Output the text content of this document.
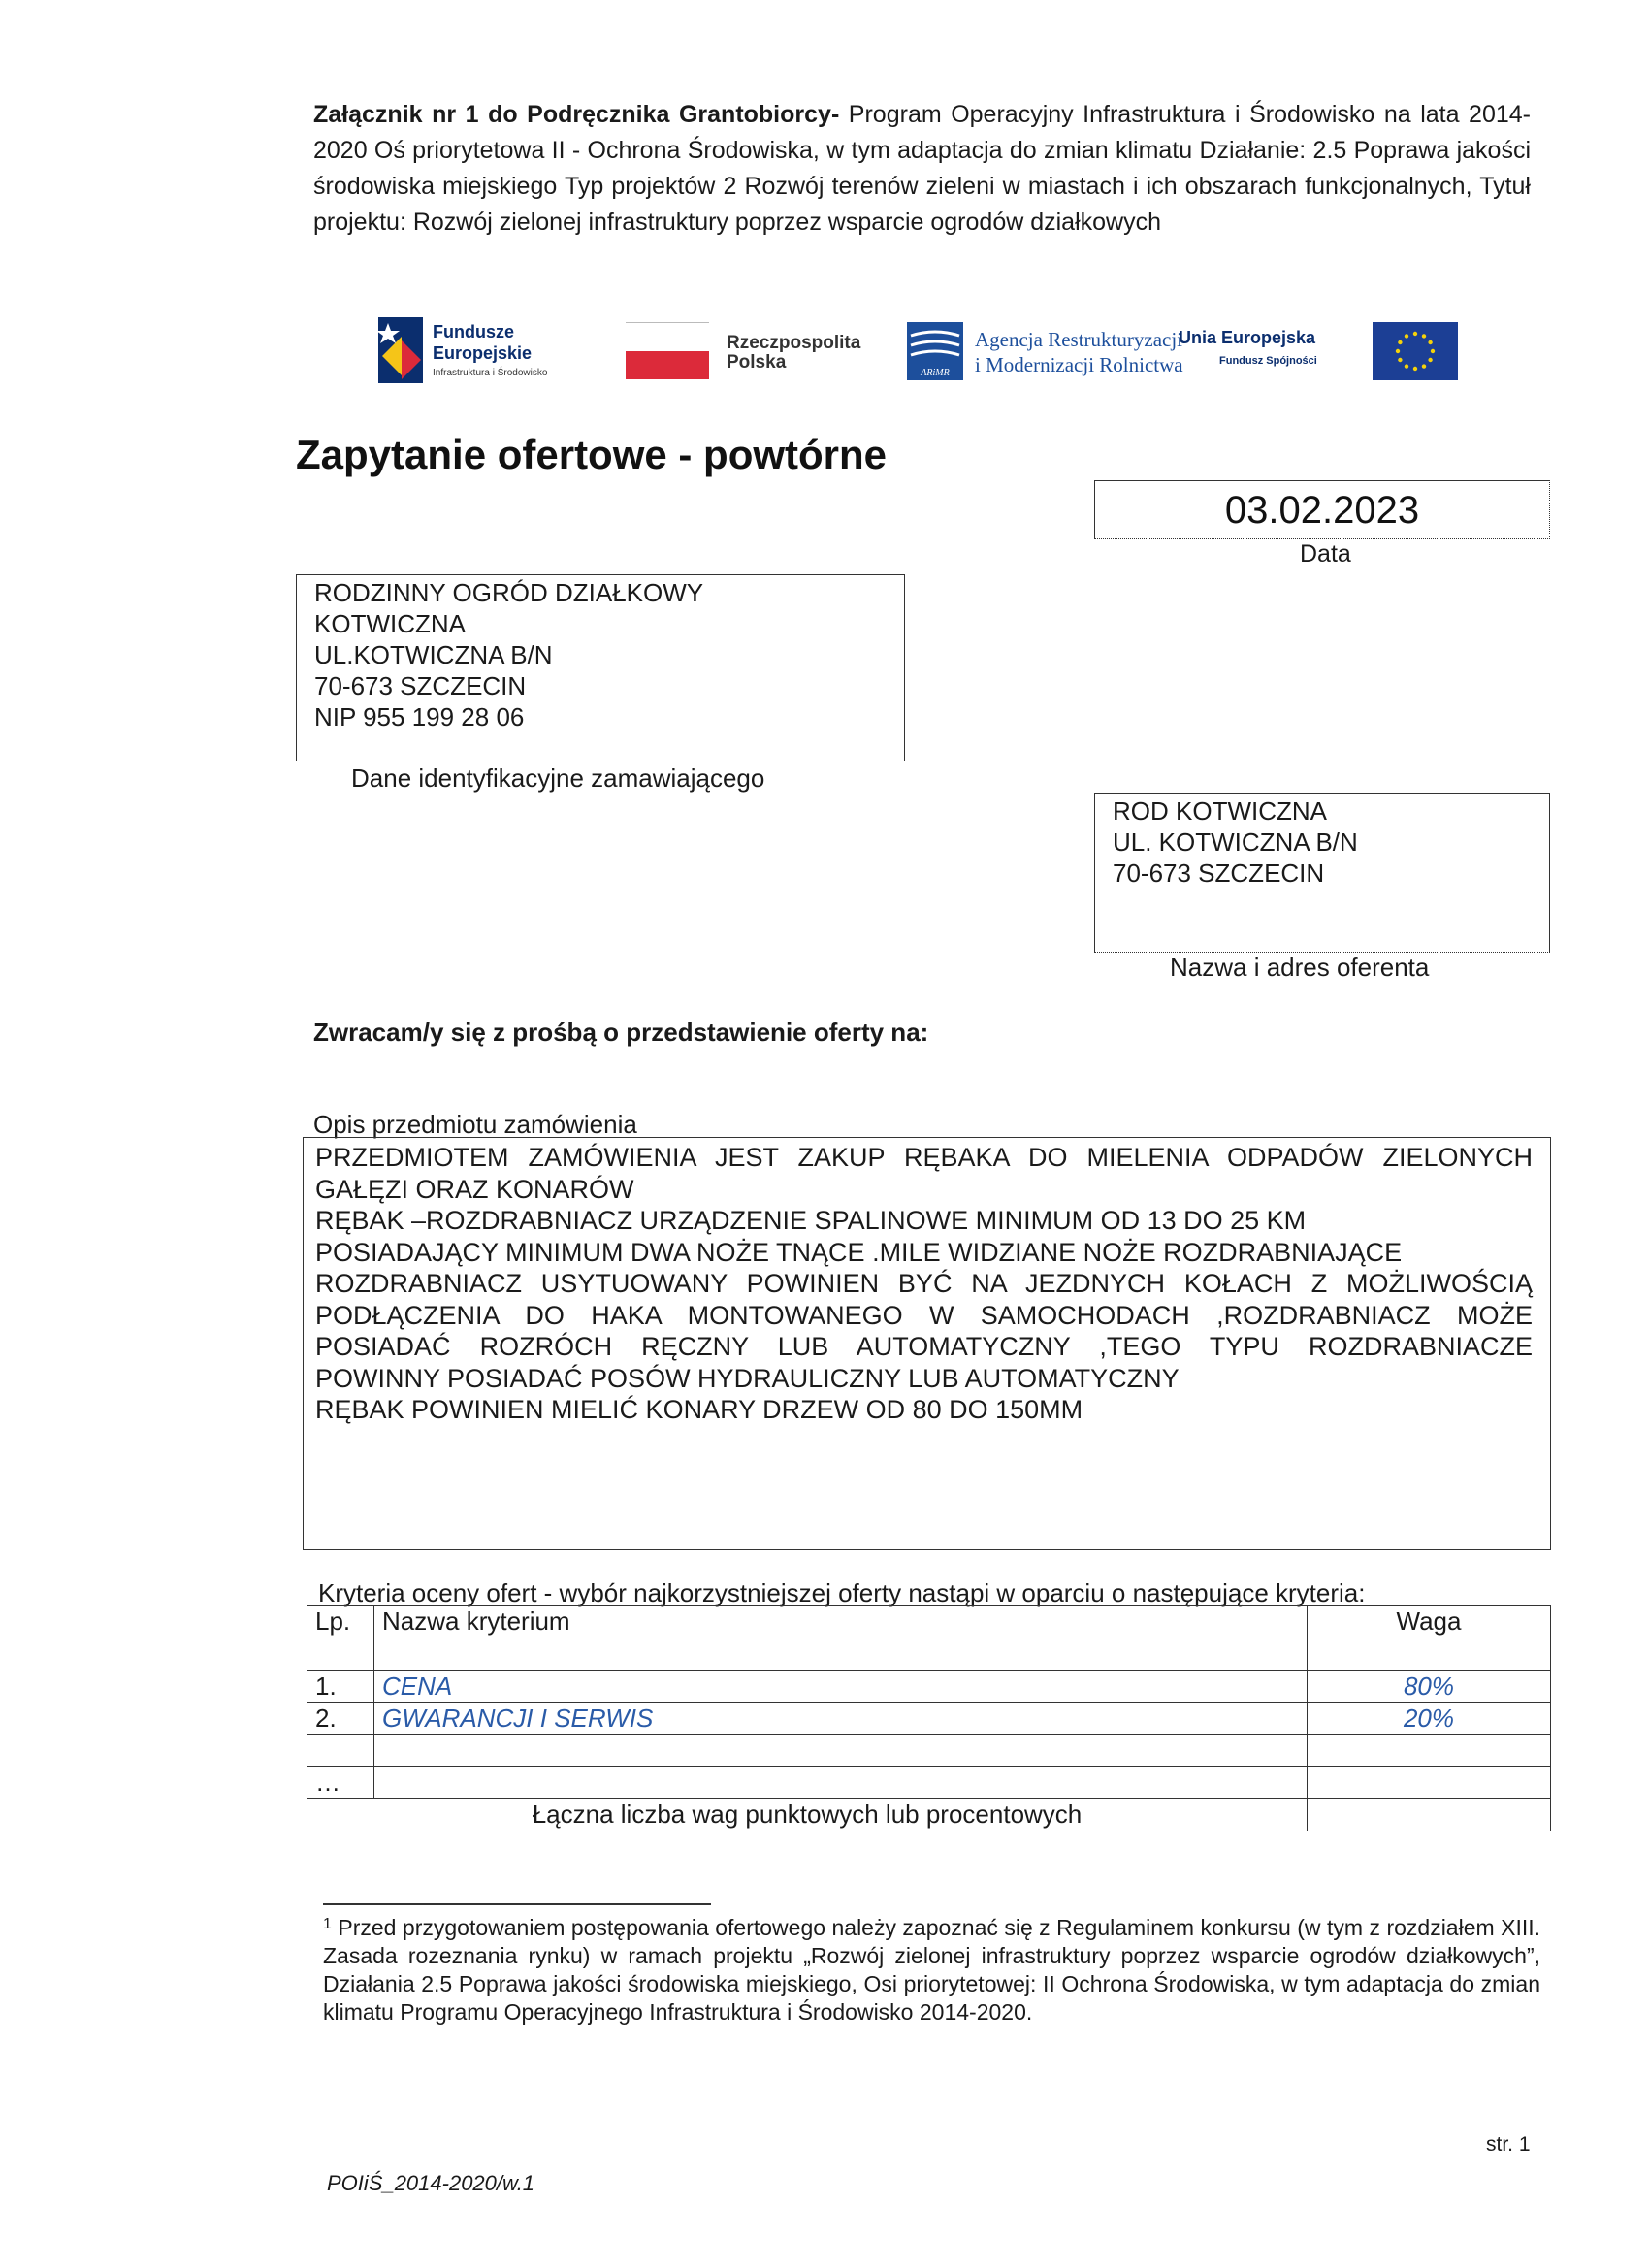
Załącznik nr 1 do Podręcznika Grantobiorcy- Program Operacyjny Infrastruktura i Środowisko na lata 2014-2020 Oś priorytetowa II - Ochrona Środowiska, w tym adaptacja do zmian klimatu Działanie: 2.5 Poprawa jakości środowiska miejskiego Typ projektów 2 Rozwój terenów zieleni w miastach i ich obszarach funkcjonalnych, Tytuł projektu: Rozwój zielonej infrastruktury poprzez wsparcie ogrodów działkowych
Fundusze
Europejskie
Infrastruktura i Środowisko
Rzeczpospolita
Polska
ARiMR
Agencja Restrukturyzacji
i Modernizacji Rolnictwa
Unia Europejska
Fundusz Spójności
Zapytanie ofertowe - powtórne
03.02.2023
Data
RODZINNY OGRÓD DZIAŁKOWY
KOTWICZNA
UL.KOTWICZNA B/N
70-673 SZCZECIN
NIP 955 199 28 06
Dane identyfikacyjne zamawiającego
ROD KOTWICZNA
UL. KOTWICZNA B/N
70-673 SZCZECIN
Nazwa i adres oferenta
Zwracam/y się z prośbą o przedstawienie oferty na:
Opis przedmiotu zamówienia
PRZEDMIOTEM ZAMÓWIENIA JEST ZAKUP RĘBAKA DO MIELENIA ODPADÓW ZIELONYCH
GAŁĘZI ORAZ KONARÓW
RĘBAK –ROZDRABNIACZ URZĄDZENIE SPALINOWE MINIMUM OD 13 DO 25 KM
POSIADAJĄCY MINIMUM DWA NOŻE TNĄCE .MILE WIDZIANE NOŻE ROZDRABNIAJĄCE
ROZDRABNIACZ USYTUOWANY POWINIEN BYĆ NA JEZDNYCH KOŁACH Z MOŻLIWOŚCIĄ
PODŁĄCZENIA DO HAKA MONTOWANEGO W SAMOCHODACH ,ROZDRABNIACZ MOŻE
POSIADAĆ ROZRÓCH RĘCZNY LUB AUTOMATYCZNY ,TEGO TYPU ROZDRABNIACZE
POWINNY POSIADAĆ POSÓW HYDRAULICZNY LUB AUTOMATYCZNY
RĘBAK POWINIEN MIELIĆ KONARY DRZEW OD 80 DO 150MM
Kryteria oceny ofert - wybór najkorzystniejszej oferty nastąpi w oparciu o następujące kryteria:
Lp.	Nazwa kryterium	Waga
1.	CENA	80%
2.	GWARANCJI I SERWIS	20%

…		
Łączna liczba wag punktowych lub procentowych		
$^1$ Przed przygotowaniem postępowania ofertowego należy zapoznać się z Regulaminem konkursu (w tym z rozdziałem XIII. Zasada rozeznania rynku) w ramach projektu „Rozwój zielonej infrastruktury poprzez wsparcie ogrodów działkowych”, Działania 2.5 Poprawa jakości środowiska miejskiego, Osi priorytetowej: II Ochrona Środowiska, w tym adaptacja do zmian klimatu Programu Operacyjnego Infrastruktura i Środowisko 2014-2020.
str. 1
POIiŚ_2014-2020/w.1
